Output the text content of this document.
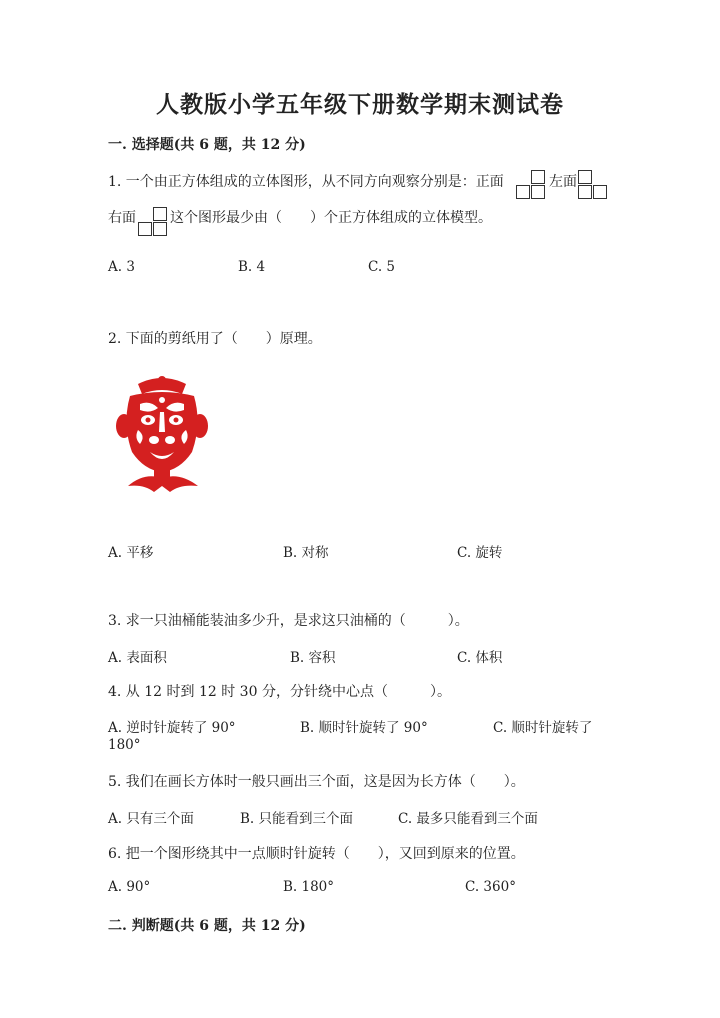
人教版小学五年级下册数学期末测试卷
一. 选择题(共 6 题，共 12 分)
1. 一个由正方体组成的立体图形，从不同方向观察分别是：正面	左面
右面 这个图形最少由（　　）个正方体组成的立体模型。
A. 3	B. 4	C. 5
2. 下面的剪纸用了（　　）原理。
A. 平移	B. 对称	C. 旋转
3. 求一只油桶能装油多少升，是求这只油桶的（　　　）。
A. 表面积	B. 容积	C. 体积
4. 从 12 时到 12 时 30 分，分针绕中心点（　　　）。
A. 逆时针旋转了 90°	B. 顺时针旋转了 90°	C. 顺时针旋转了
180°
5. 我们在画长方体时一般只画出三个面，这是因为长方体（　　）。
A. 只有三个面	B. 只能看到三个面	C. 最多只能看到三个面
6. 把一个图形绕其中一点顺时针旋转（　　），又回到原来的位置。
A. 90°	B. 180°	C. 360°
二. 判断题(共 6 题，共 12 分)
